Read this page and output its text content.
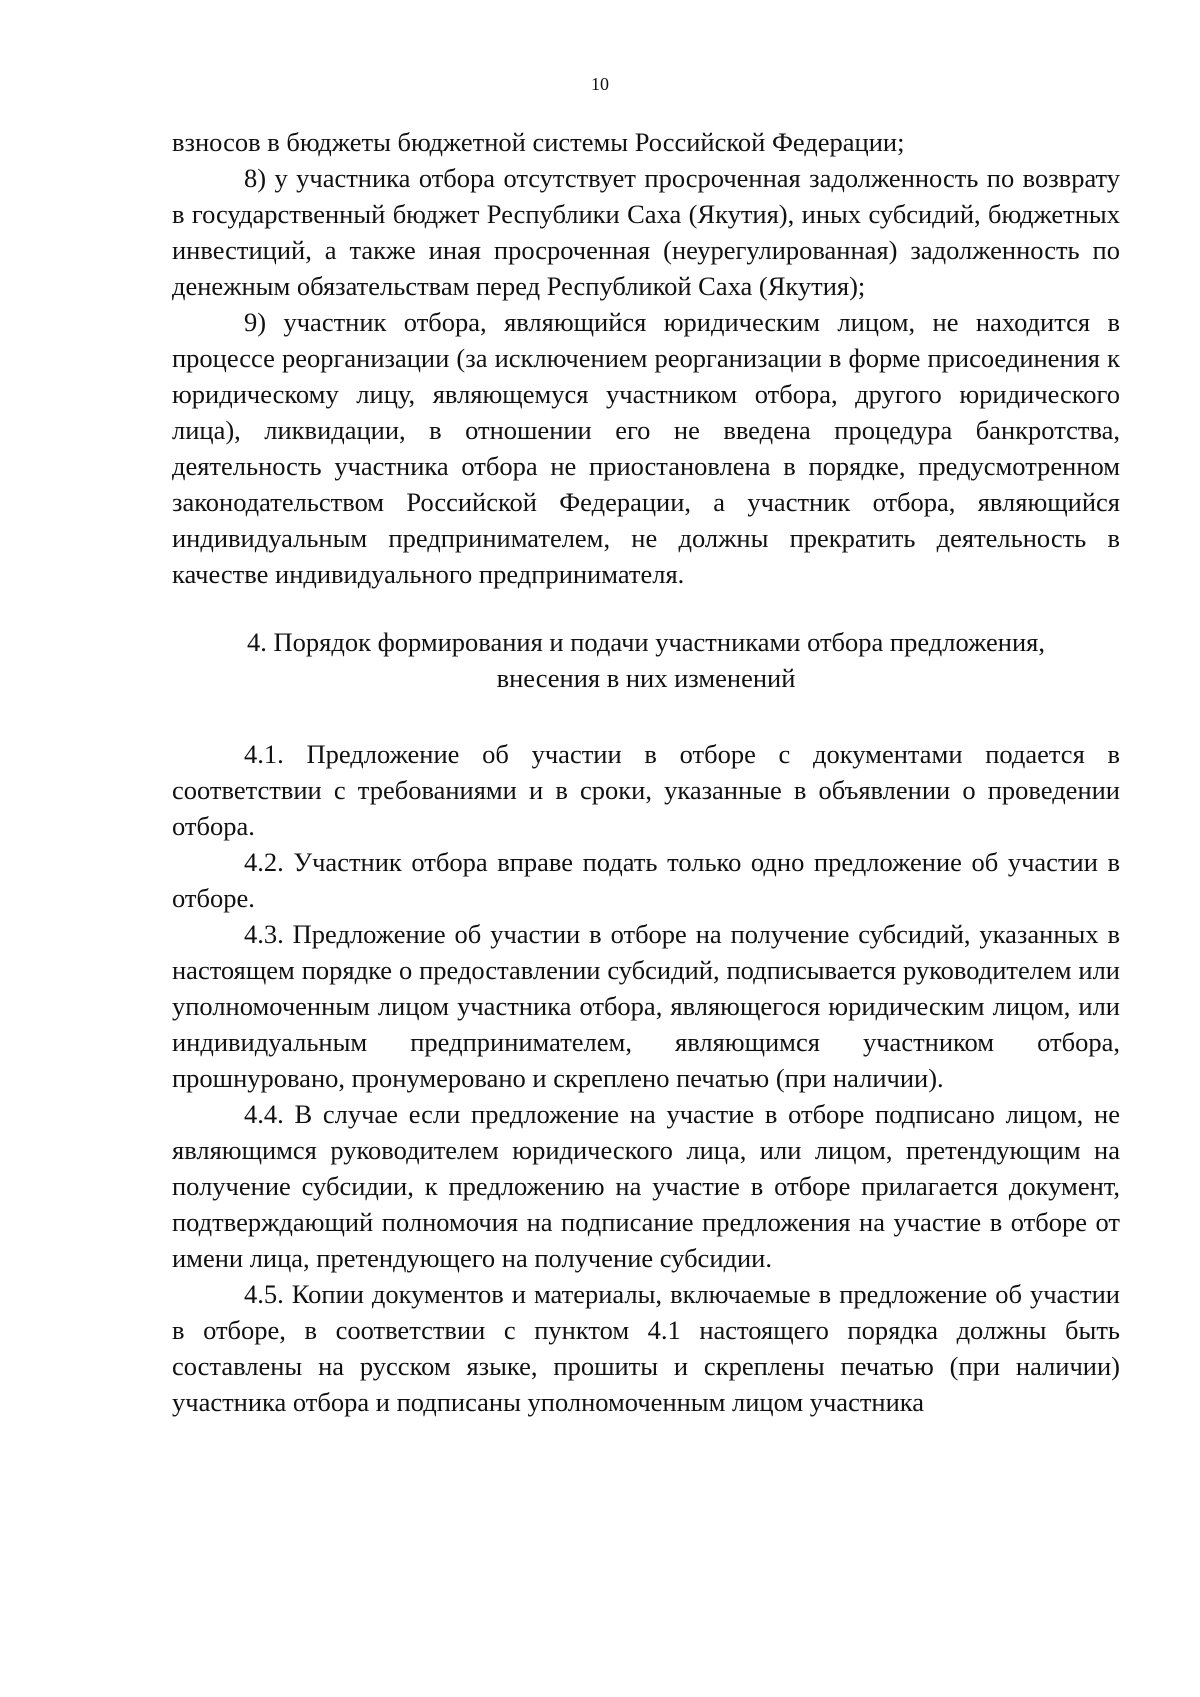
10

взносов в бюджеты бюджетной системы Российской Федерации;

8) у участника отбора отсутствует просроченная задолженность по возврату в государственный бюджет Республики Саха (Якутия), иных субсидий, бюджетных инвестиций, а также иная просроченная (неурегулированная) задолженность по денежным обязательствам перед Республикой Саха (Якутия);

9) участник отбора, являющийся юридическим лицом, не находится в процессе реорганизации (за исключением реорганизации в форме присоединения к юридическому лицу, являющемуся участником отбора, другого юридического лица), ликвидации, в отношении его не введена процедура банкротства, деятельность участника отбора не приостановлена в порядке, предусмотренном законодательством Российской Федерации, а участник отбора, являющийся индивидуальным предпринимателем, не должны прекратить деятельность в качестве индивидуального предпринимателя.

4. Порядок формирования и подачи участниками отбора предложения,
внесения в них изменений

4.1. Предложение об участии в отборе с документами подается в соответствии с требованиями и в сроки, указанные в объявлении о проведении отбора.

4.2. Участник отбора вправе подать только одно предложение об участии в отборе.

4.3. Предложение об участии в отборе на получение субсидий, указанных в настоящем порядке о предоставлении субсидий, подписывается руководителем или уполномоченным лицом участника отбора, являющегося юридическим лицом, или индивидуальным предпринимателем, являющимся участником отбора, прошнуровано, пронумеровано и скреплено печатью (при наличии).

4.4. В случае если предложение на участие в отборе подписано лицом, не являющимся руководителем юридического лица, или лицом, претендующим на получение субсидии, к предложению на участие в отборе прилагается документ, подтверждающий полномочия на подписание предложения на участие в отборе от имени лица, претендующего на получение субсидии.

4.5. Копии документов и материалы, включаемые в предложение об участии в отборе, в соответствии с пунктом 4.1 настоящего порядка должны быть составлены на русском языке, прошиты и скреплены печатью (при наличии) участника отбора и подписаны уполномоченным лицом участника
